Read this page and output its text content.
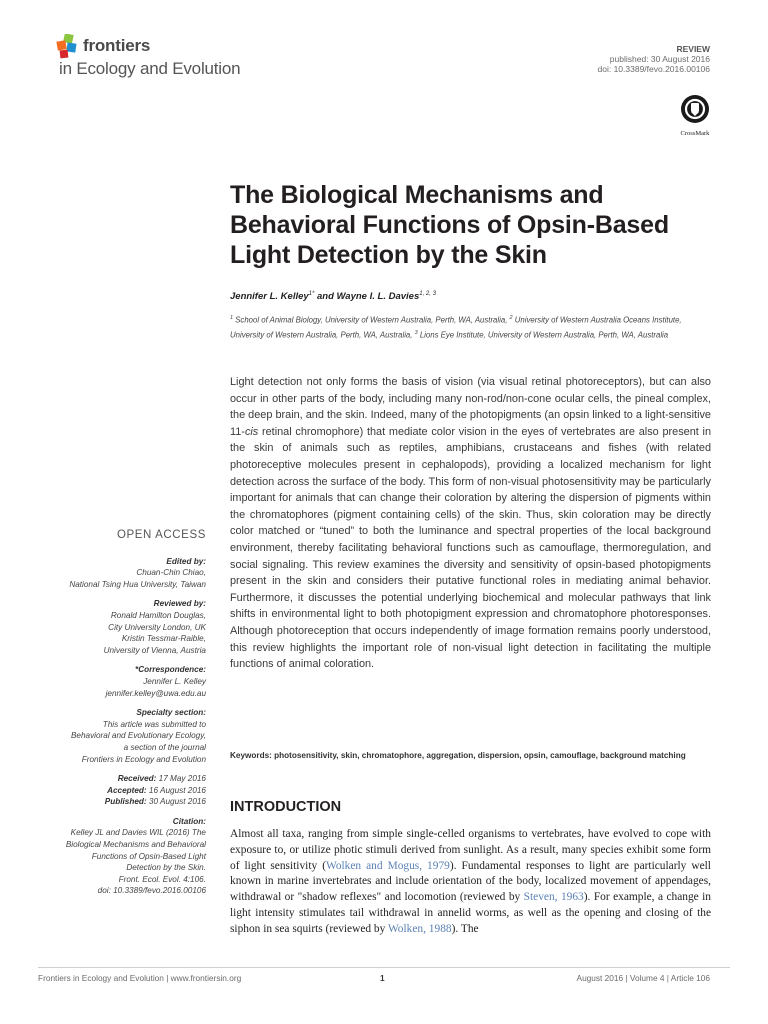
frontiers
in Ecology and Evolution
REVIEW
published: 30 August 2016
doi: 10.3389/fevo.2016.00106
CrossMark
The Biological Mechanisms and Behavioral Functions of Opsin-Based Light Detection by the Skin
Jennifer L. Kelley$^{1*}$ and Wayne I. L. Davies$^{1, 2, 3}$
$^1$ School of Animal Biology, University of Western Australia, Perth, WA, Australia, $^2$ University of Western Australia Oceans Institute, University of Western Australia, Perth, WA, Australia, $^3$ Lions Eye Institute, University of Western Australia, Perth, WA, Australia
Light detection not only forms the basis of vision (via visual retinal photoreceptors), but can also occur in other parts of the body, including many non-rod/non-cone ocular cells, the pineal complex, the deep brain, and the skin. Indeed, many of the photopigments (an opsin linked to a light-sensitive 11-cis retinal chromophore) that mediate color vision in the eyes of vertebrates are also present in the skin of animals such as reptiles, amphibians, crustaceans and fishes (with related photoreceptive molecules present in cephalopods), providing a localized mechanism for light detection across the surface of the body. This form of non-visual photosensitivity may be particularly important for animals that can change their coloration by altering the dispersion of pigments within the chromatophores (pigment containing cells) of the skin. Thus, skin coloration may be directly color matched or “tuned” to both the luminance and spectral properties of the local background environment, thereby facilitating behavioral functions such as camouflage, thermoregulation, and social signaling. This review examines the diversity and sensitivity of opsin-based photopigments present in the skin and considers their putative functional roles in mediating animal behavior. Furthermore, it discusses the potential underlying biochemical and molecular pathways that link shifts in environmental light to both photopigment expression and chromatophore photoresponses. Although photoreception that occurs independently of image formation remains poorly understood, this review highlights the important role of non-visual light detection in facilitating the multiple functions of animal coloration.
Keywords: photosensitivity, skin, chromatophore, aggregation, dispersion, opsin, camouflage, background matching
INTRODUCTION
Almost all taxa, ranging from simple single-celled organisms to vertebrates, have evolved to cope with exposure to, or utilize photic stimuli derived from sunlight. As a result, many species exhibit some form of light sensitivity (Wolken and Mogus, 1979). Fundamental responses to light are particularly well known in marine invertebrates and include orientation of the body, localized movement of appendages, withdrawal or "shadow reflexes" and locomotion (reviewed by Steven, 1963). For example, a change in light intensity stimulates tail withdrawal in annelid worms, as well as the opening and closing of the siphon in sea squirts (reviewed by Wolken, 1988). The
OPEN ACCESS
Edited by:
Chuan-Chin Chiao,
National Tsing Hua University, Taiwan
Reviewed by:
Ronald Hamilton Douglas,
City University London, UK
Kristin Tessmar-Raible,
University of Vienna, Austria
*Correspondence:
Jennifer L. Kelley
jennifer.kelley@uwa.edu.au
Specialty section:
This article was submitted to
Behavioral and Evolutionary Ecology,
a section of the journal
Frontiers in Ecology and Evolution
Received: 17 May 2016
Accepted: 16 August 2016
Published: 30 August 2016
Citation:
Kelley JL and Davies WIL (2016) The
Biological Mechanisms and Behavioral
Functions of Opsin-Based Light
Detection by the Skin.
Front. Ecol. Evol. 4:106.
doi: 10.3389/fevo.2016.00106
Frontiers in Ecology and Evolution | www.frontiersin.org	1	August 2016 | Volume 4 | Article 106
